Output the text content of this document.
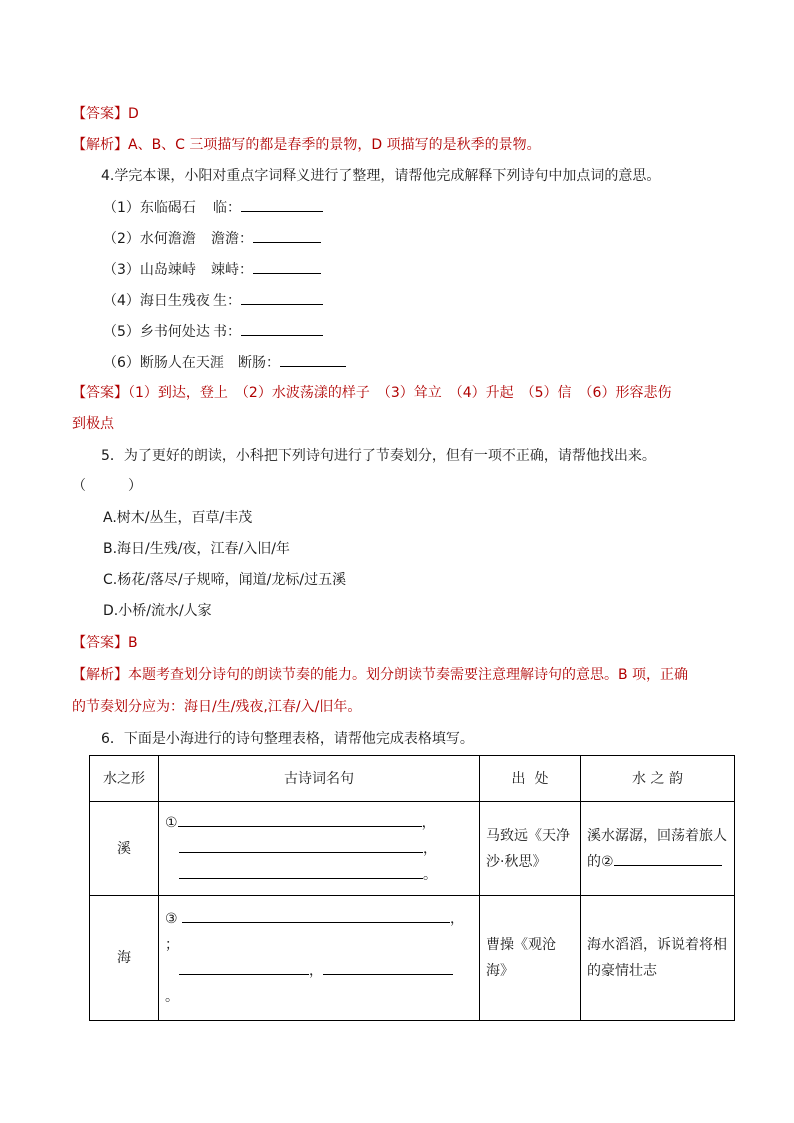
【答案】D
【解析】A、B、C 三项描写的都是春季的景物，D 项描写的是秋季的景物。
4.学完本课，小阳对重点字词释义进行了整理，请帮他完成解释下列诗句中加点词的意思。
（1）东临碣石 临：
（2）水何澹澹 澹澹：
（3）山岛竦峙 竦峙：
（4）海日生残夜 生：
（5）乡书何处达 书：
（6）断肠人在天涯 断肠：
【答案】（1）到达，登上　（2）水波荡漾的样子　（3）耸立　（4）升起　（5）信　（6）形容悲伤
到极点
5．为了更好的朗读，小科把下列诗句进行了节奏划分，但有一项不正确，请帮他找出来。
（　　　）
A.树木/丛生，百草/丰茂
B.海日/生残/夜，江春/入旧/年
C.杨花/落尽/子规啼，闻道/龙标/过五溪
D.小桥/流水/人家
【答案】B
【解析】本题考查划分诗句的朗读节奏的能力。划分朗读节奏需要注意理解诗句的意思。B 项，正确
的节奏划分应为：海日/生/残夜,江春/入/旧年。
6．下面是小海进行的诗句整理表格，请帮他完成表格填写。
水之形	古诗词名句	出  处	水 之 韵
溪	① ，
，
。	马致远《天净沙·秋思》	溪水潺潺，回荡着旅人的②
海	③ ，
；
，
。	曹操《观沧海》	海水滔滔，诉说着将相的豪情壮志
